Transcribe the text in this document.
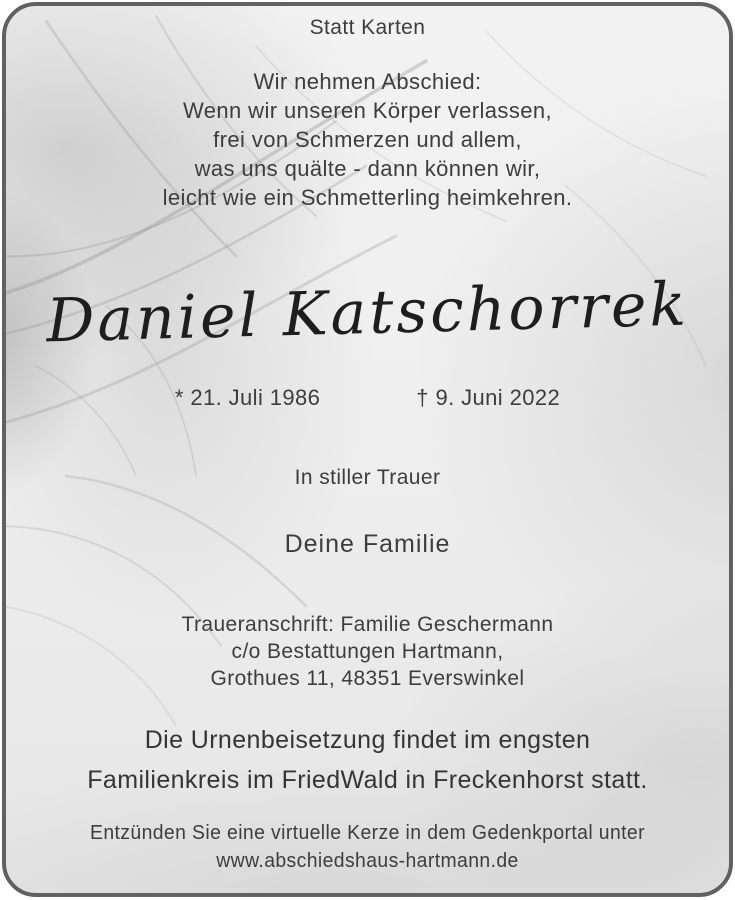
Statt Karten
Wir nehmen Abschied:
Wenn wir unseren Körper verlassen,
frei von Schmerzen und allem,
was uns quälte - dann können wir,
leicht wie ein Schmetterling heimkehren.
Daniel Katschorrek
* 21. Juli 1986	† 9. Juni 2022
In stiller Trauer
Deine Familie
Traueranschrift: Familie Geschermann
c/o Bestattungen Hartmann,
Grothues 11, 48351 Everswinkel
Die Urnenbeisetzung findet im engsten
Familienkreis im FriedWald in Freckenhorst statt.
Entzünden Sie eine virtuelle Kerze in dem Gedenkportal unter
www.abschiedshaus-hartmann.de
